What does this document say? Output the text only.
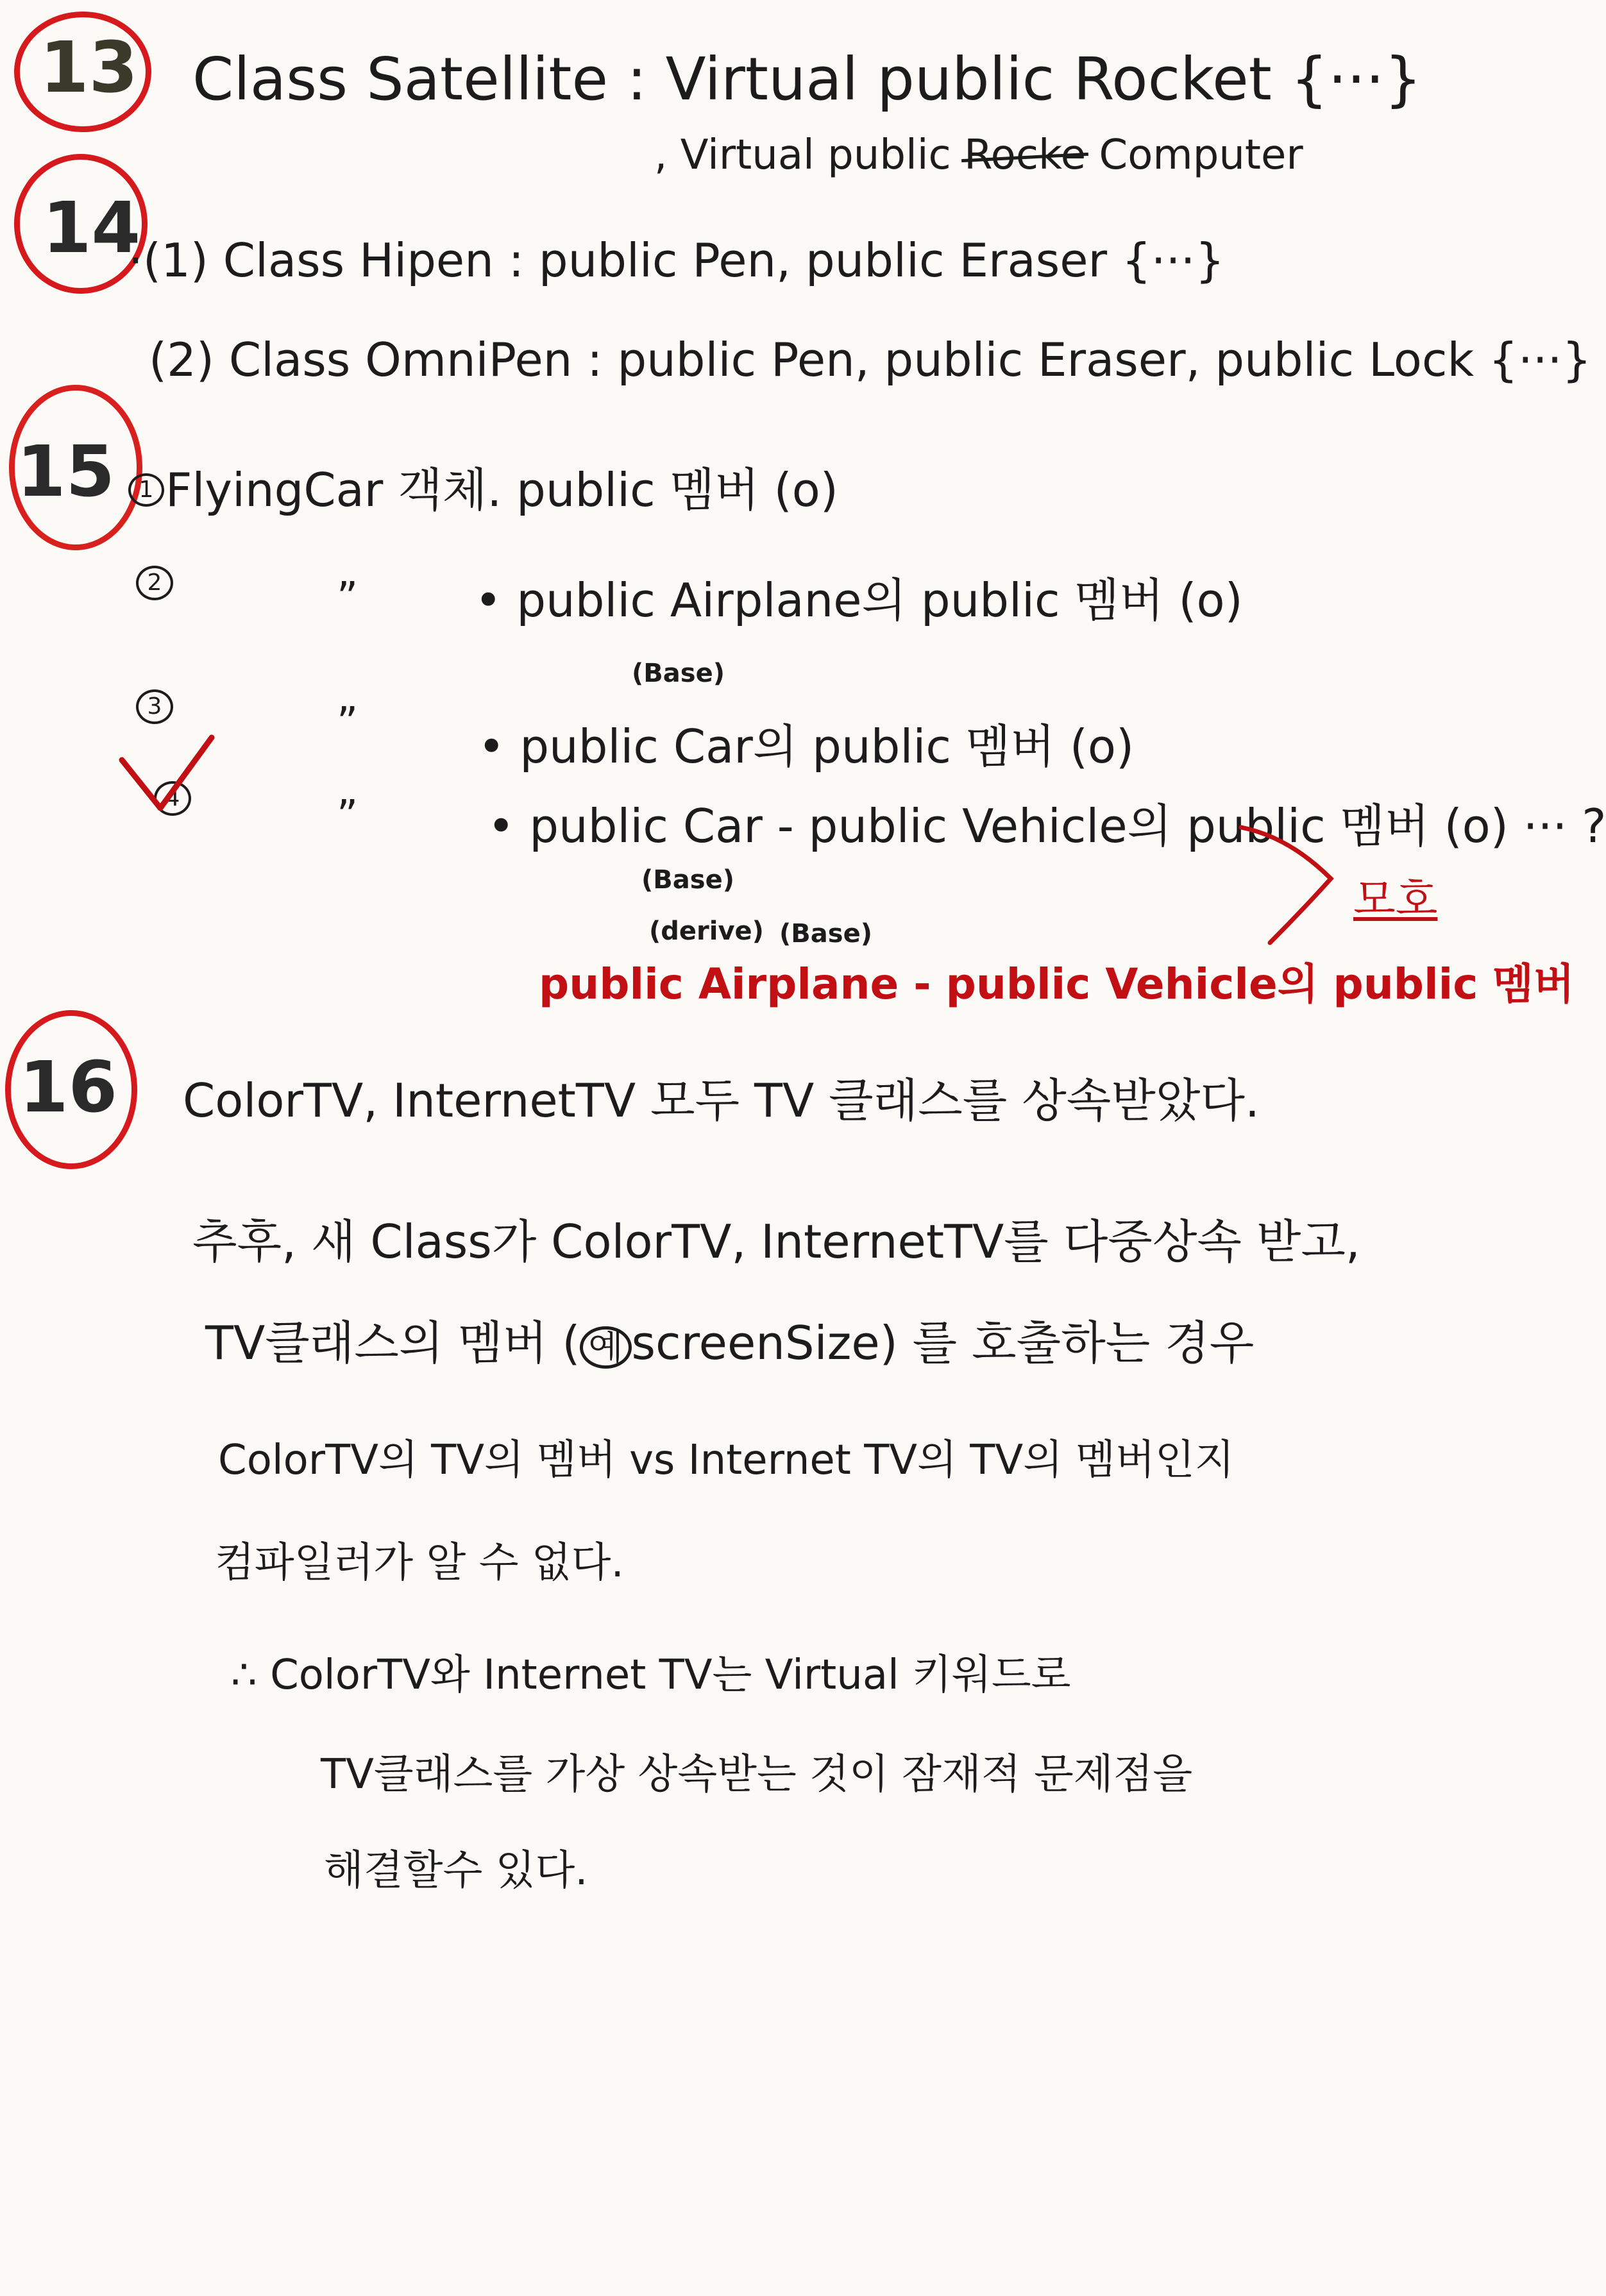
13 Class Satellite : Virtual public Rocket {···}
, Virtual public Rocke Computer
14
·(1) Class Hipen : public Pen, public Eraser {···}
(2) Class OmniPen : public Pen, public Eraser, public Lock {···}
15	1 FlyingCar 객체. public 멤버 (o)
2	”	• public Airplane의 public 멤버 (o)
(Base)
3	”	• public Car의 public 멤버 (o)
4	”	• public Car - public Vehicle의 public 멤버 (o) ··· ?
(Base)
(derive) (Base)
모호
public Airplane - public Vehicle의 public 멤버
16 ColorTV, InternetTV 모두 TV 클래스를 상속받았다.
추후, 새 Class가 ColorTV, InternetTV를 다중상속 받고,
TV클래스의 멤버 ( 예 screenSize) 를 호출하는 경우
ColorTV의 TV의 멤버 vs Internet TV의 TV의 멤버인지
컴파일러가 알 수 없다.
∴ ColorTV와 Internet TV는 Virtual 키워드로
TV클래스를 가상 상속받는 것이 잠재적 문제점을
해결할수 있다.
